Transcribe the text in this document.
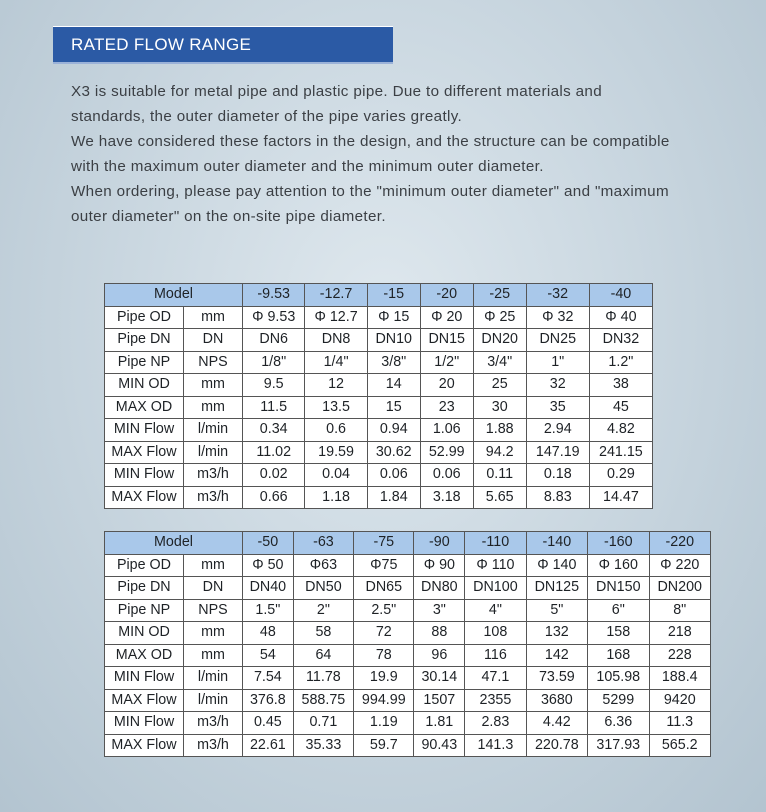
RATED FLOW RANGE

X3 is suitable for metal pipe and plastic pipe. Due to different materials and

standards, the outer diameter of the pipe varies greatly.

We have considered these factors in the design, and the structure can be compatible

with the maximum outer diameter and the minimum outer diameter.

When ordering, please pay attention to the "minimum outer diameter" and "maximum

outer diameter" on the on-site pipe diameter.

Model		-9.53	-12.7	-15	-20	-25	-32	-40
Pipe OD	mm	Φ 9.53	Φ 12.7	Φ 15	Φ 20	Φ 25	Φ 32	Φ 40
Pipe DN	DN	DN6	DN8	DN10	DN15	DN20	DN25	DN32
Pipe NP	NPS	1/8"	1/4"	3/8"	1/2"	3/4"	1"	1.2"
MIN OD	mm	9.5	12	14	20	25	32	38
MAX OD	mm	11.5	13.5	15	23	30	35	45
MIN Flow	l/min	0.34	0.6	0.94	1.06	1.88	2.94	4.82
MAX Flow	l/min	11.02	19.59	30.62	52.99	94.2	147.19	241.15
MIN Flow	m3/h	0.02	0.04	0.06	0.06	0.11	0.18	0.29
MAX Flow	m3/h	0.66	1.18	1.84	3.18	5.65	8.83	14.47
Model		-50	-63	-75	-90	-110	-140	-160	-220
Pipe OD	mm	Φ 50	Φ63	Φ75	Φ 90	Φ 110	Φ 140	Φ 160	Φ 220
Pipe DN	DN	DN40	DN50	DN65	DN80	DN100	DN125	DN150	DN200
Pipe NP	NPS	1.5"	2"	2.5"	3"	4"	5"	6"	8"
MIN OD	mm	48	58	72	88	108	132	158	218
MAX OD	mm	54	64	78	96	116	142	168	228
MIN Flow	l/min	7.54	11.78	19.9	30.14	47.1	73.59	105.98	188.4
MAX Flow	l/min	376.8	588.75	994.99	1507	2355	3680	5299	9420
MIN Flow	m3/h	0.45	0.71	1.19	1.81	2.83	4.42	6.36	11.3
MAX Flow	m3/h	22.61	35.33	59.7	90.43	141.3	220.78	317.93	565.2
